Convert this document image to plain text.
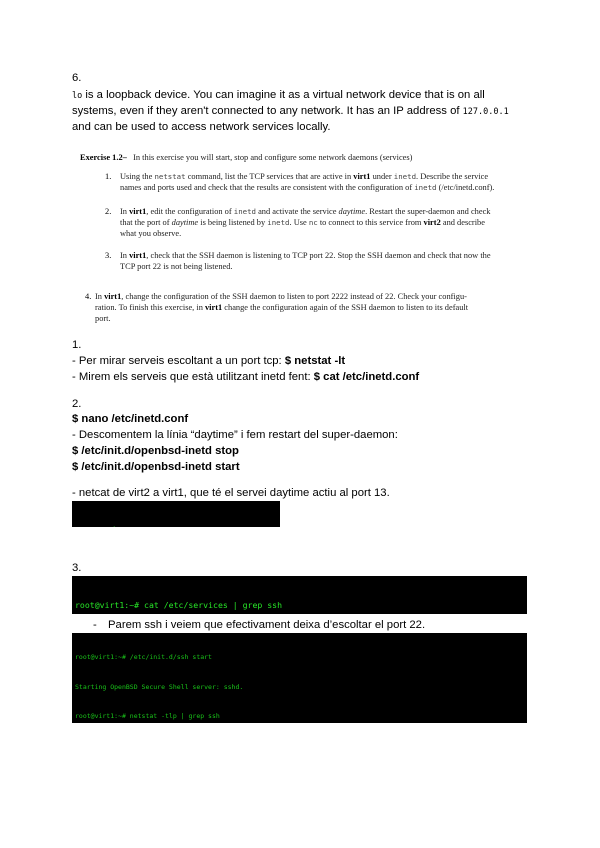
6.
lo is a loopback device. You can imagine it as a virtual network device that is on all
systems, even if they aren't connected to any network. It has an IP address of 127.0.0.1
and can be used to access network services locally.
Exercise 1.2– In this exercise you will start, stop and configure some network daemons (services)
1. Using the netstat command, list the TCP services that are active in virt1 under inetd. Describe the service
names and ports used and check that the results are consistent with the configuration of inetd (/etc/inetd.conf).
2. In virt1, edit the configuration of inetd and activate the service daytime. Restart the super-daemon and check
that the port of daytime is being listened by inetd. Use nc to connect to this service from virt2 and describe
what you observe.
3. In virt1, check that the SSH daemon is listening to TCP port 22. Stop the SSH daemon and check that now the
TCP port 22 is not being listened.
4. In virt1, change the configuration of the SSH daemon to listen to port 2222 instead of 22. Check your configu-
ration. To finish this exercise, in virt1 change the configuration again of the SSH daemon to listen to its default
port.
1.
- Per mirar serveis escoltant a un port tcp: $ netstat -lt
- Mirem els serveis que està utilitzant inetd fent: $ cat /etc/inetd.conf
2.
$ nano /etc/inetd.conf
- Descomentem la línia “daytime” i fem restart del super-daemon:
$ /etc/init.d/openbsd-inetd stop
$ /etc/init.d/openbsd-inetd start
- netcat de virt2 a virt1, que té el servei daytime actiu al port 13.

3.

root@virt1:~# cat /etc/services | grep ssh

- Parem ssh i veiem que efectivament deixa d’escoltar el port 22.

root@virt1:~# /etc/init.d/ssh start

Starting OpenBSD Secure Shell server: sshd.

root@virt1:~# netstat -tlp | grep ssh
